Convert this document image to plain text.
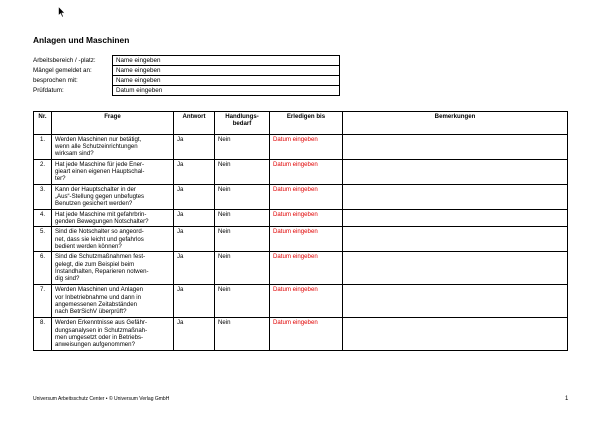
Anlagen und Maschinen
Arbeitsbereich / -platz:	Name eingeben
Mängel gemeldet an:	Name eingeben
besprochen mit:	Name eingeben
Prüfdatum:	Datum eingeben
Nr.	Frage	Antwort	Handlungs-
bedarf	Erledigen bis	Bemerkungen
1.	Werden Maschinen nur betätigt,
wenn alle Schutzeinrichtungen
wirksam sind?	Ja	Nein	Datum eingeben	
2.	Hat jede Maschine für jede Ener-
gieart einen eigenen Hauptschal-
ter?	Ja	Nein	Datum eingeben	
3.	Kann der Hauptschalter in der
„Aus“-Stellung gegen unbefugtes
Benutzen gesichert werden?	Ja	Nein	Datum eingeben	
4.	Hat jede Maschine mit gefahrbrin-
genden Bewegungen Notschalter?	Ja	Nein	Datum eingeben	
5.	Sind die Notschalter so angeord-
net, dass sie leicht und gefahrlos
bedient werden können?	Ja	Nein	Datum eingeben	
6.	Sind die Schutzmaßnahmen fest-
gelegt, die zum Beispiel beim
Instandhalten, Reparieren notwen-
dig sind?	Ja	Nein	Datum eingeben	
7.	Werden Maschinen und Anlagen
vor Inbetriebnahme und dann in
angemessenen Zeitabständen
nach BetrSichV überprüft?	Ja	Nein	Datum eingeben	
8.	Werden Erkenntnisse aus Gefähr-
dungsanalysen in Schutzmaßnah-
men umgesetzt oder in Betriebs-
anweisungen aufgenommen?	Ja	Nein	Datum eingeben	
Universum Arbeitsschutz Center • © Universum Verlag GmbH	1
